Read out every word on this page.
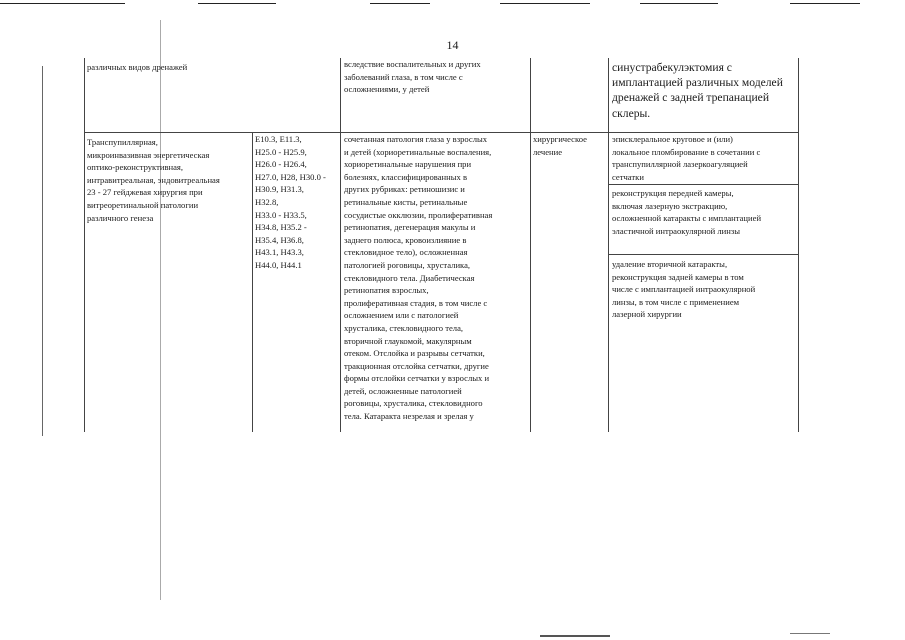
14
различных видов дренажей	вследствие воспалительных и других
заболеваний глаза, в том числе с
осложнениями, у детей
синустрабекулэктомия с
имплантацией различных моделей
дренажей с задней трепанацией
склеры.
Транспупиллярная,
микроинвазивная энергетическая
оптико-реконструктивная,
интравитреальная, эндовитреальная
23 - 27 гейджевая хирургия при
витреоретинальной патологии
различного генеза
E10.3, E11.3,
H25.0 - H25.9,
H26.0 - H26.4,
H27.0, H28, H30.0 -
H30.9, H31.3,
H32.8,
H33.0 - H33.5,
H34.8, H35.2 -
H35.4, H36.8,
H43.1, H43.3,
H44.0, H44.1
сочетанная патология глаза у взрослых
и детей (хориоретинальные воспаления,
хориоретинальные нарушения при
болезнях, классифицированных в
других рубриках: ретиношизис и
ретинальные кисты, ретинальные
сосудистые окклюзии, пролиферативная
ретинопатия, дегенерация макулы и
заднего полюса, кровоизлияние в
стекловидное тело), осложненная
патологией роговицы, хрусталика,
стекловидного тела. Диабетическая
ретинопатия взрослых,
пролиферативная стадия, в том числе с
осложнением или с патологией
хрусталика, стекловидного тела,
вторичной глаукомой, макулярным
отеком. Отслойка и разрывы сетчатки,
тракционная отслойка сетчатки, другие
формы отслойки сетчатки у взрослых и
детей, осложненные патологией
роговицы, хрусталика, стекловидного
тела. Катаракта незрелая и зрелая у
хирургическое
лечение
эписклеральное круговое и (или)
локальное пломбирование в сочетании с
транспупиллярной лазеркоагуляцией
сетчатки
реконструкция передней камеры,
включая лазерную экстракцию,
осложненной катаракты с имплантацией
эластичной интраокулярной линзы
удаление вторичной катаракты,
реконструкция задней камеры в том
числе с имплантацией интраокулярной
линзы, в том числе с применением
лазерной хирургии
